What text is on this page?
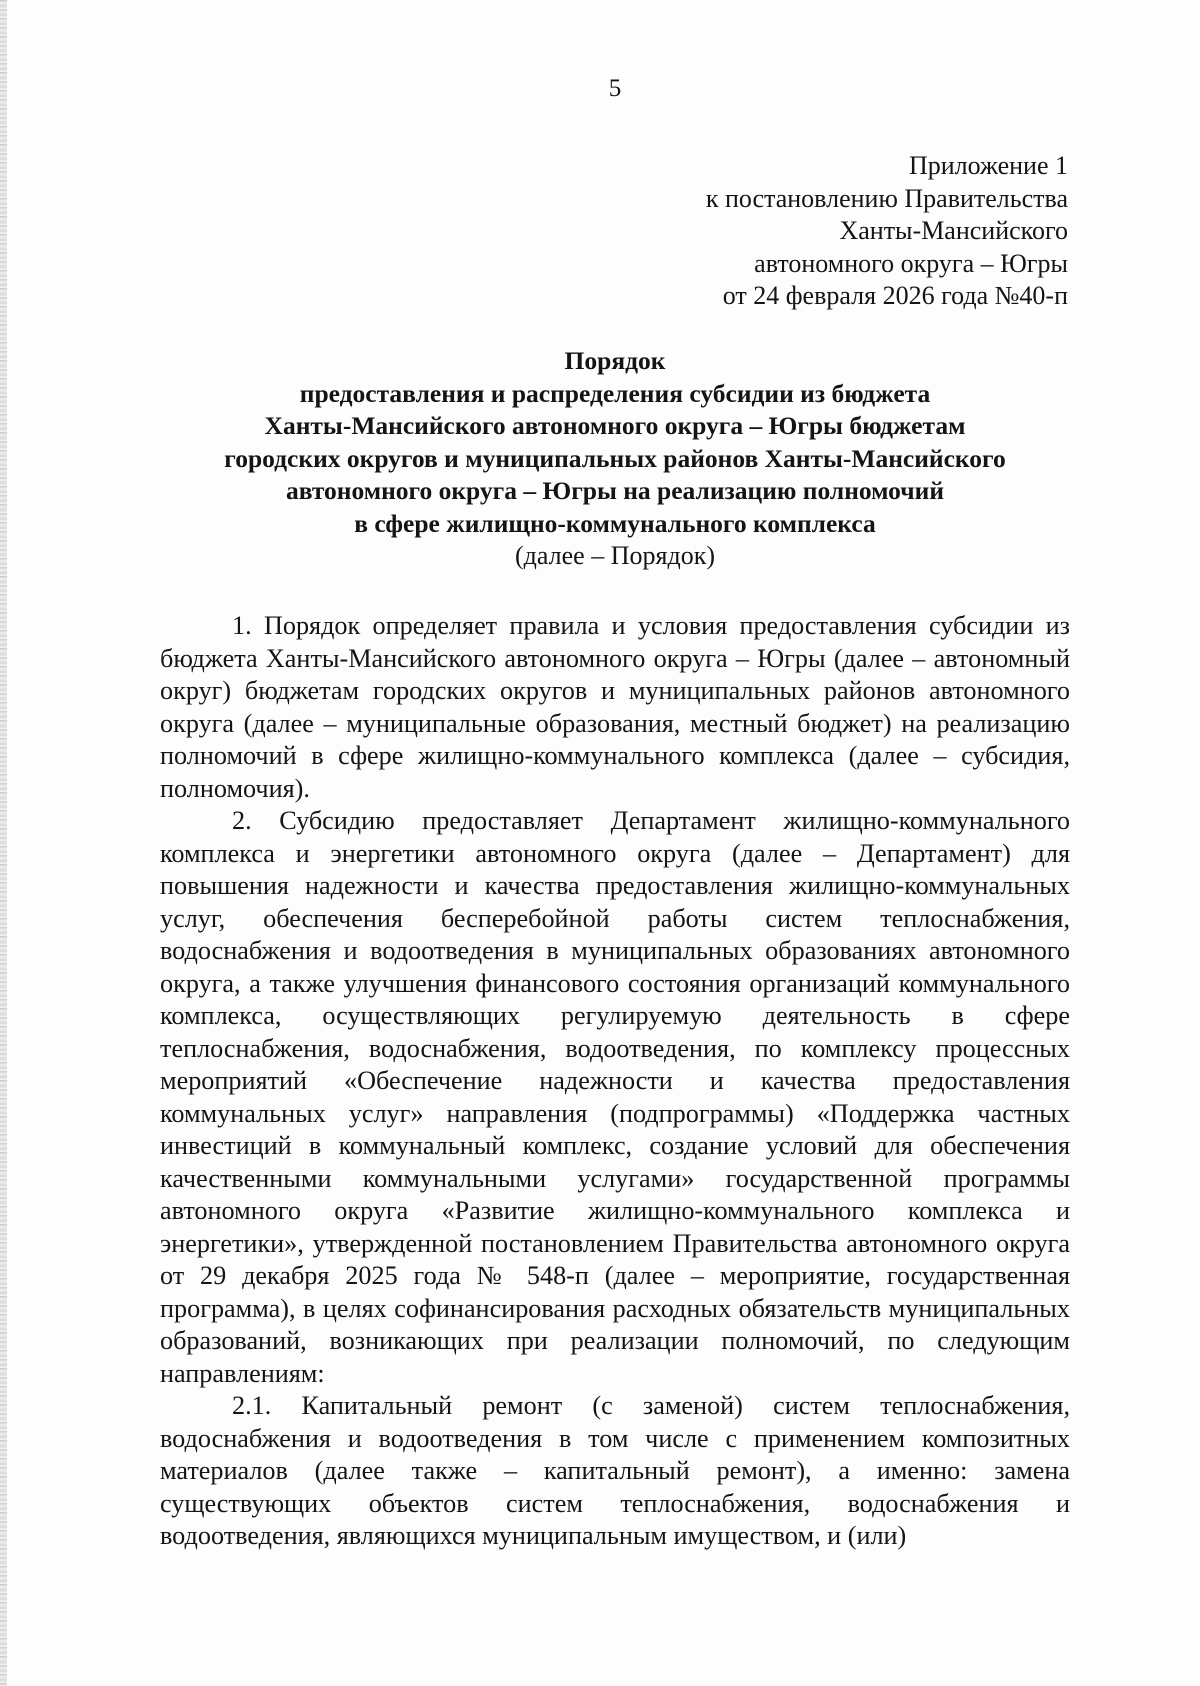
5
Приложение 1
к постановлению Правительства
Ханты-Мансийского
автономного округа – Югры
от 24 февраля 2026 года №40-п
Порядок
предоставления и распределения субсидии из бюджета
Ханты-Мансийского автономного округа – Югры бюджетам
городских округов и муниципальных районов Ханты-Мансийского
автономного округа – Югры на реализацию полномочий
в сфере жилищно-коммунального комплекса
(далее – Порядок)

1. Порядок определяет правила и условия предоставления субсидии из бюджета Ханты-Мансийского автономного округа – Югры (далее – автономный округ) бюджетам городских округов и муниципальных районов автономного округа (далее – муниципальные образования, местный бюджет) на реализацию полномочий в сфере жилищно-коммунального комплекса (далее – субсидия, полномочия).

2. Субсидию предоставляет Департамент жилищно-коммунального комплекса и энергетики автономного округа (далее – Департамент) для повышения надежности и качества предоставления жилищно-коммунальных услуг, обеспечения бесперебойной работы систем теплоснабжения, водоснабжения и водоотведения в муниципальных образованиях автономного округа, а также улучшения финансового состояния организаций коммунального комплекса, осуществляющих регулируемую деятельность в сфере теплоснабжения, водоснабжения, водоотведения, по комплексу процессных мероприятий «Обеспечение надежности и качества предоставления коммунальных услуг» направления (подпрограммы) «Поддержка частных инвестиций в коммунальный комплекс, создание условий для обеспечения качественными коммунальными услугами» государственной программы автономного округа «Развитие жилищно-коммунального комплекса и энергетики», утвержденной постановлением Правительства автономного округа от 29 декабря 2025 года № 548-п (далее – мероприятие, государственная программа), в целях софинансирования расходных обязательств муниципальных образований, возникающих при реализации полномочий, по следующим направлениям:

2.1. Капитальный ремонт (с заменой) систем теплоснабжения, водоснабжения и водоотведения в том числе с применением композитных материалов (далее также – капитальный ремонт), а именно: замена существующих объектов систем теплоснабжения, водоснабжения и водоотведения, являющихся муниципальным имуществом, и (или)
